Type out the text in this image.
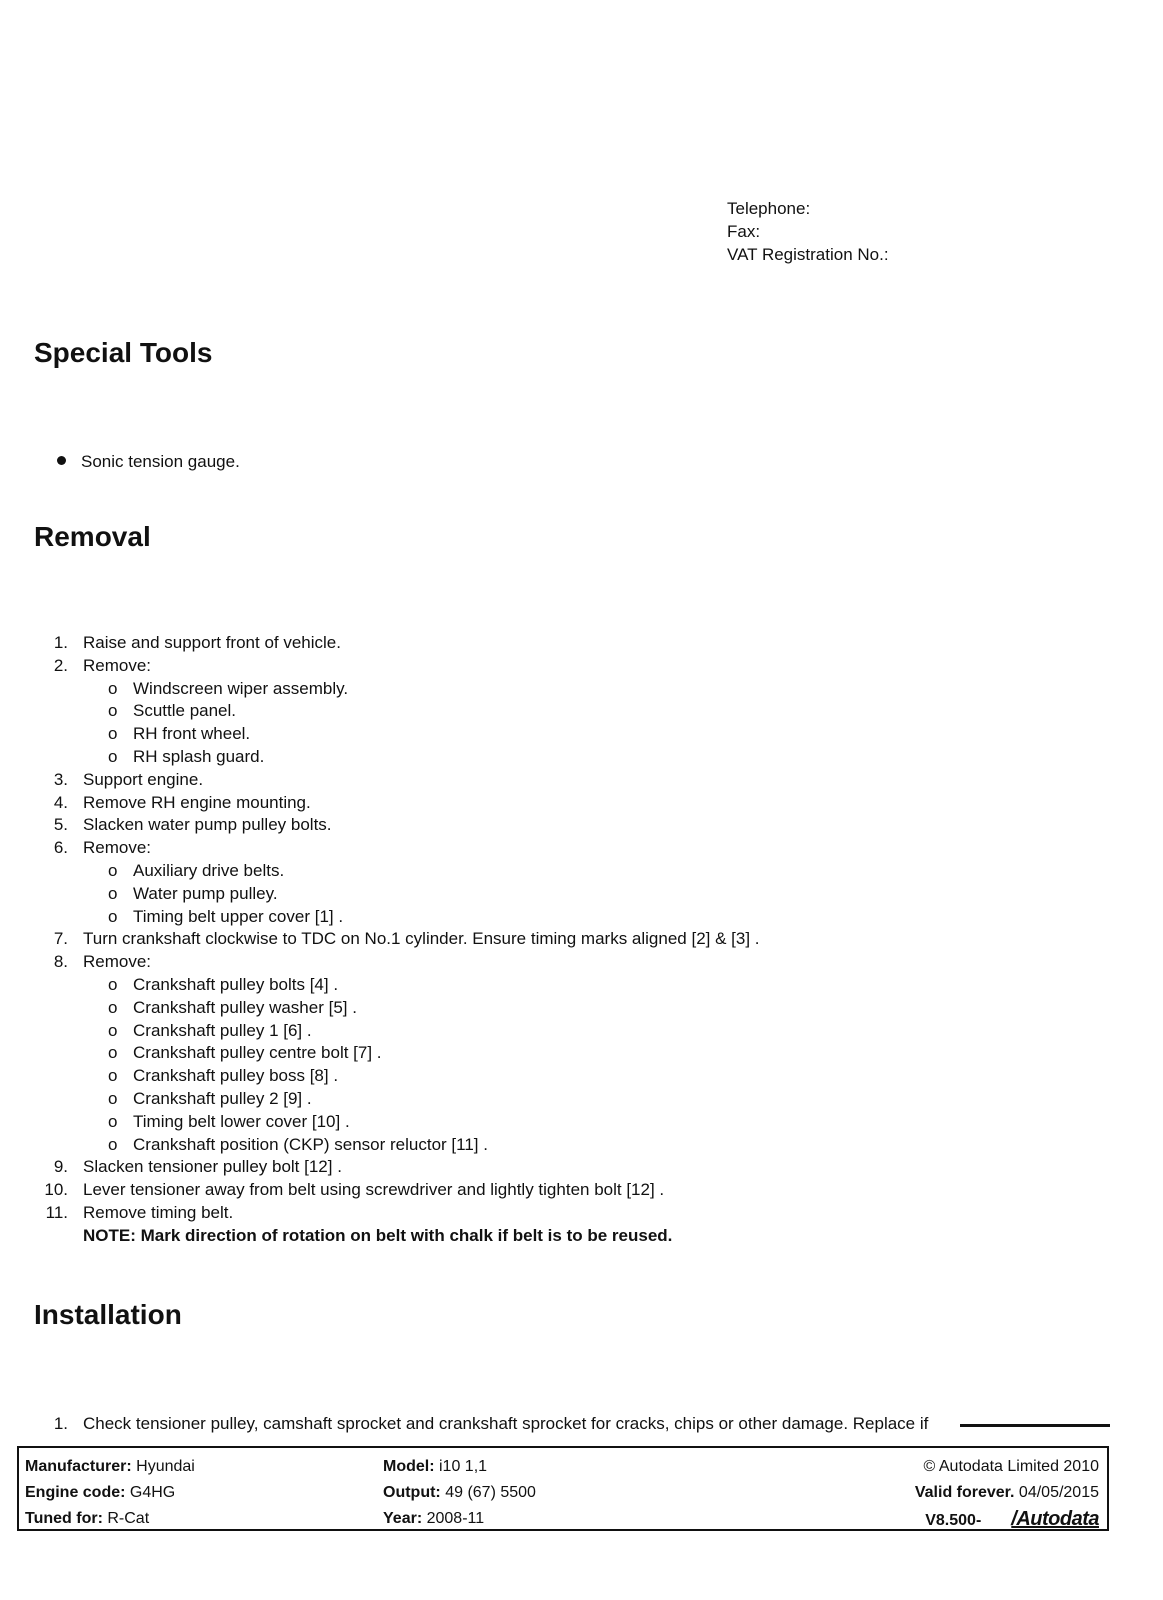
Telephone:
Fax:
VAT Registration No.:
Special Tools
Sonic tension gauge.
Removal
1. Raise and support front of vehicle.
2. Remove:
o Windscreen wiper assembly.
o Scuttle panel.
o RH front wheel.
o RH splash guard.
3. Support engine.
4. Remove RH engine mounting.
5. Slacken water pump pulley bolts.
6. Remove:
o Auxiliary drive belts.
o Water pump pulley.
o Timing belt upper cover [1] .
7. Turn crankshaft clockwise to TDC on No.1 cylinder. Ensure timing marks aligned [2] & [3] .
8. Remove:
o Crankshaft pulley bolts [4] .
o Crankshaft pulley washer [5] .
o Crankshaft pulley 1 [6] .
o Crankshaft pulley centre bolt [7] .
o Crankshaft pulley boss [8] .
o Crankshaft pulley 2 [9] .
o Timing belt lower cover [10] .
o Crankshaft position (CKP) sensor reluctor [11] .
9. Slacken tensioner pulley bolt [12] .
10. Lever tensioner away from belt using screwdriver and lightly tighten bolt [12] .
11. Remove timing belt.
NOTE: Mark direction of rotation on belt with chalk if belt is to be reused.
Installation
1. Check tensioner pulley, camshaft sprocket and crankshaft sprocket for cracks, chips or other damage. Replace if
Manufacturer: Hyundai
Engine code: G4HG
Tuned for: R-Cat
Model: i10 1,1
Output: 49 (67) 5500
Year: 2008-11
© Autodata Limited 2010
Valid forever. 04/05/2015
V8.500- /Autodata
